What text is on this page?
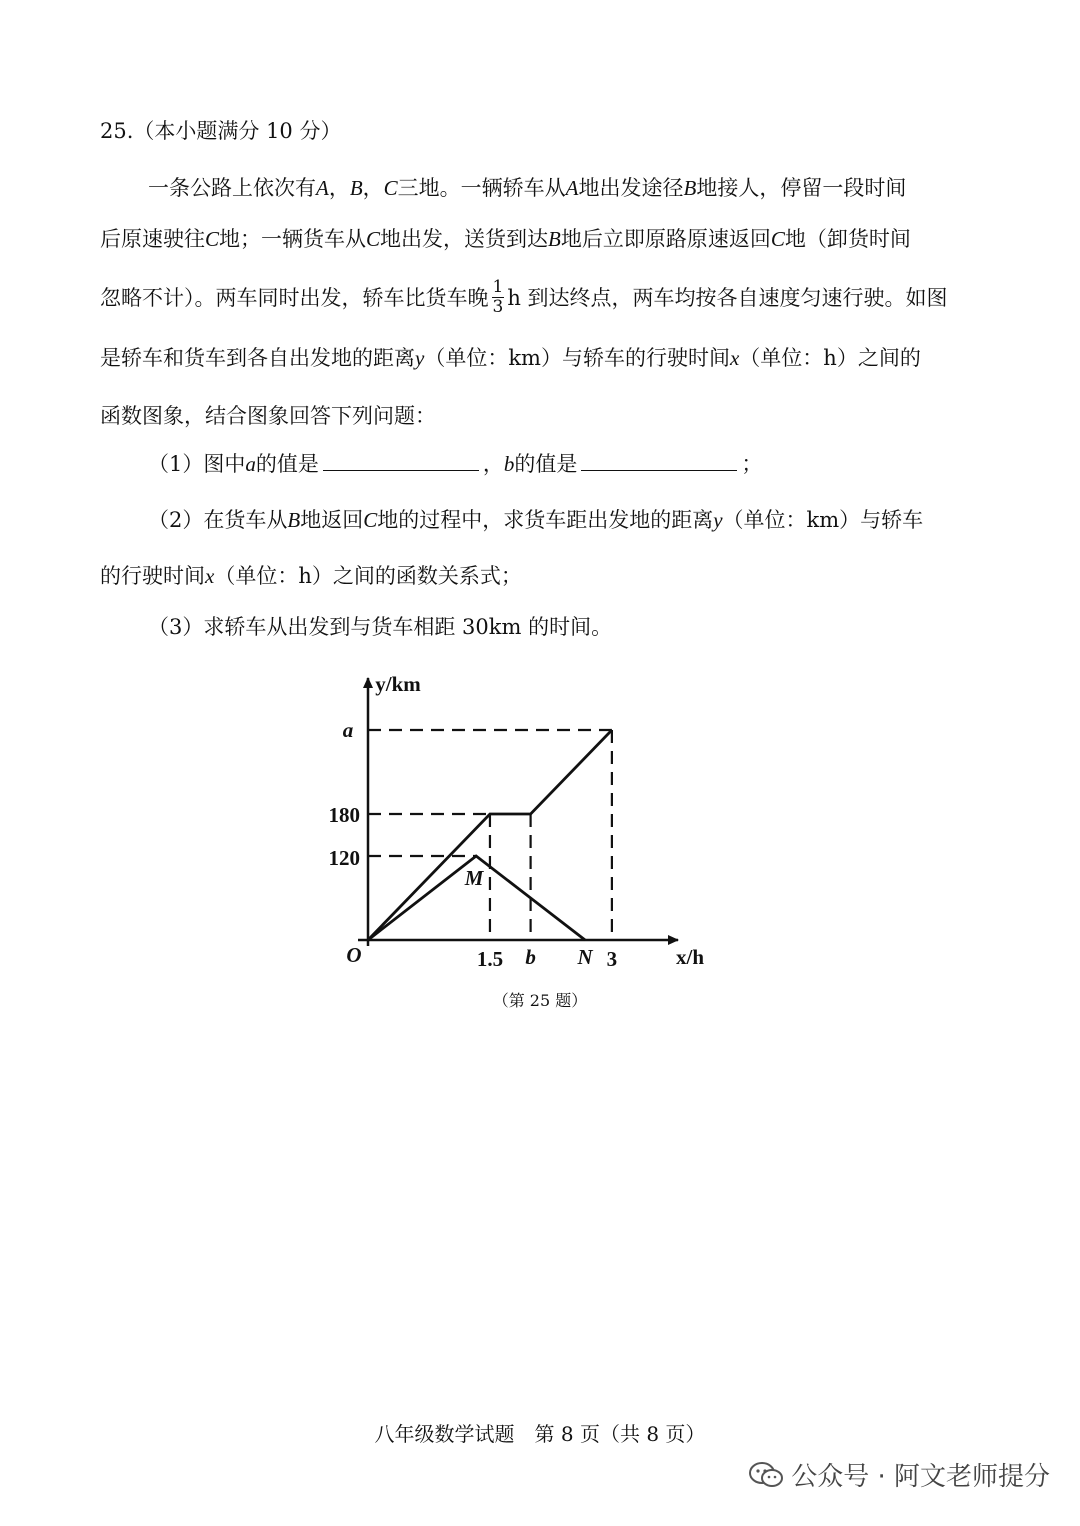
25.（本小题满分 10 分）
一条公路上依次有A，B，C三地。一辆轿车从A地出发途径B地接人，停留一段时间
后原速驶往C地；一辆货车从C地出发，送货到达B地后立即原路原速返回C地（卸货时间
忽略不计）。两车同时出发，轿车比货车晚 $\frac{1}{3}$ h 到达终点，两车均按各自速度匀速行驶。如图
是轿车和货车到各自出发地的距离y（单位：km）与轿车的行驶时间x（单位：h）之间的
函数图象，结合图象回答下列问题：
（1）图中a的值是	，b的值是	；
（2）在货车从B地返回C地的过程中，求货车距出发地的距离y（单位：km）与轿车
的行驶时间x（单位：h）之间的函数关系式；
（3）求轿车从出发到与货车相距 30km 的时间。
y/km
x/h
O	1.5 b N 3
a
180
120
M
（第 25 题）
八年级数学试题　第 8 页（共 8 页）
公众号 · 阿文老师提分
